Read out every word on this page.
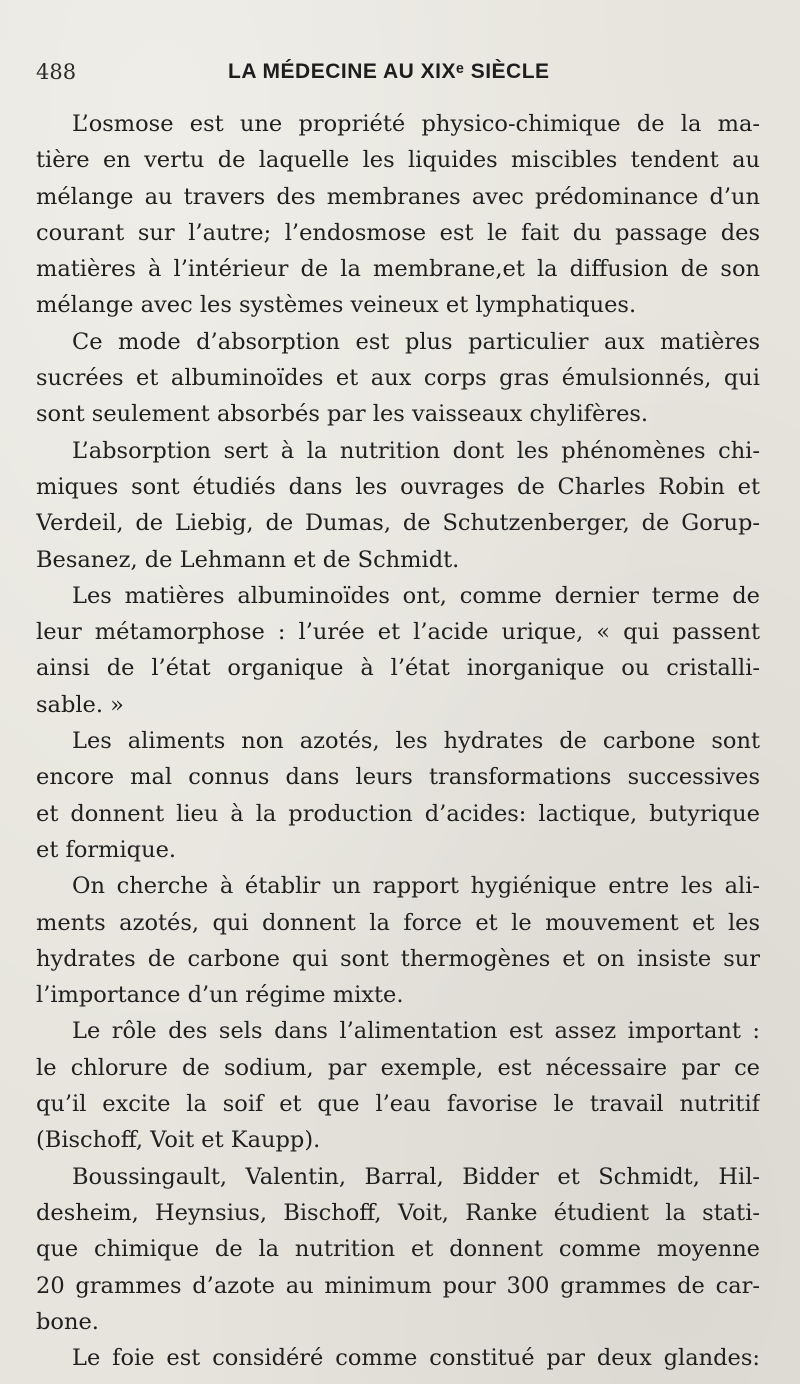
488	LA MÉDECINE AU XIXᵉ SIÈCLE
L’osmose est une propriété physico-chimique de la ma-
tière en vertu de laquelle les liquides miscibles tendent au
mélange au travers des membranes avec prédominance d’un
courant sur l’autre; l’endosmose est le fait du passage des
matières à l’intérieur de la membrane,et la diffusion de son
mélange avec les systèmes veineux et lymphatiques.
Ce mode d’absorption est plus particulier aux matières
sucrées et albuminoïdes et aux corps gras émulsionnés, qui
sont seulement absorbés par les vaisseaux chylifères.
L’absorption sert à la nutrition dont les phénomènes chi-
miques sont étudiés dans les ouvrages de Charles Robin et
Verdeil, de Liebig, de Dumas, de Schutzenberger, de Gorup-
Besanez, de Lehmann et de Schmidt.
Les matières albuminoïdes ont, comme dernier terme de
leur métamorphose : l’urée et l’acide urique, « qui passent
ainsi de l’état organique à l’état inorganique ou cristalli-
sable. »
Les aliments non azotés, les hydrates de carbone sont
encore mal connus dans leurs transformations successives
et donnent lieu à la production d’acides: lactique, butyrique
et formique.
On cherche à établir un rapport hygiénique entre les ali-
ments azotés, qui donnent la force et le mouvement et les
hydrates de carbone qui sont thermogènes et on insiste sur
l’importance d’un régime mixte.
Le rôle des sels dans l’alimentation est assez important :
le chlorure de sodium, par exemple, est nécessaire par ce
qu’il excite la soif et que l’eau favorise le travail nutritif
(Bischoff, Voit et Kaupp).
Boussingault, Valentin, Barral, Bidder et Schmidt, Hil-
desheim, Heynsius, Bischoff, Voit, Ranke étudient la stati-
que chimique de la nutrition et donnent comme moyenne
20 grammes d’azote au minimum pour 300 grammes de car-
bone.
Le foie est considéré comme constitué par deux glandes:
